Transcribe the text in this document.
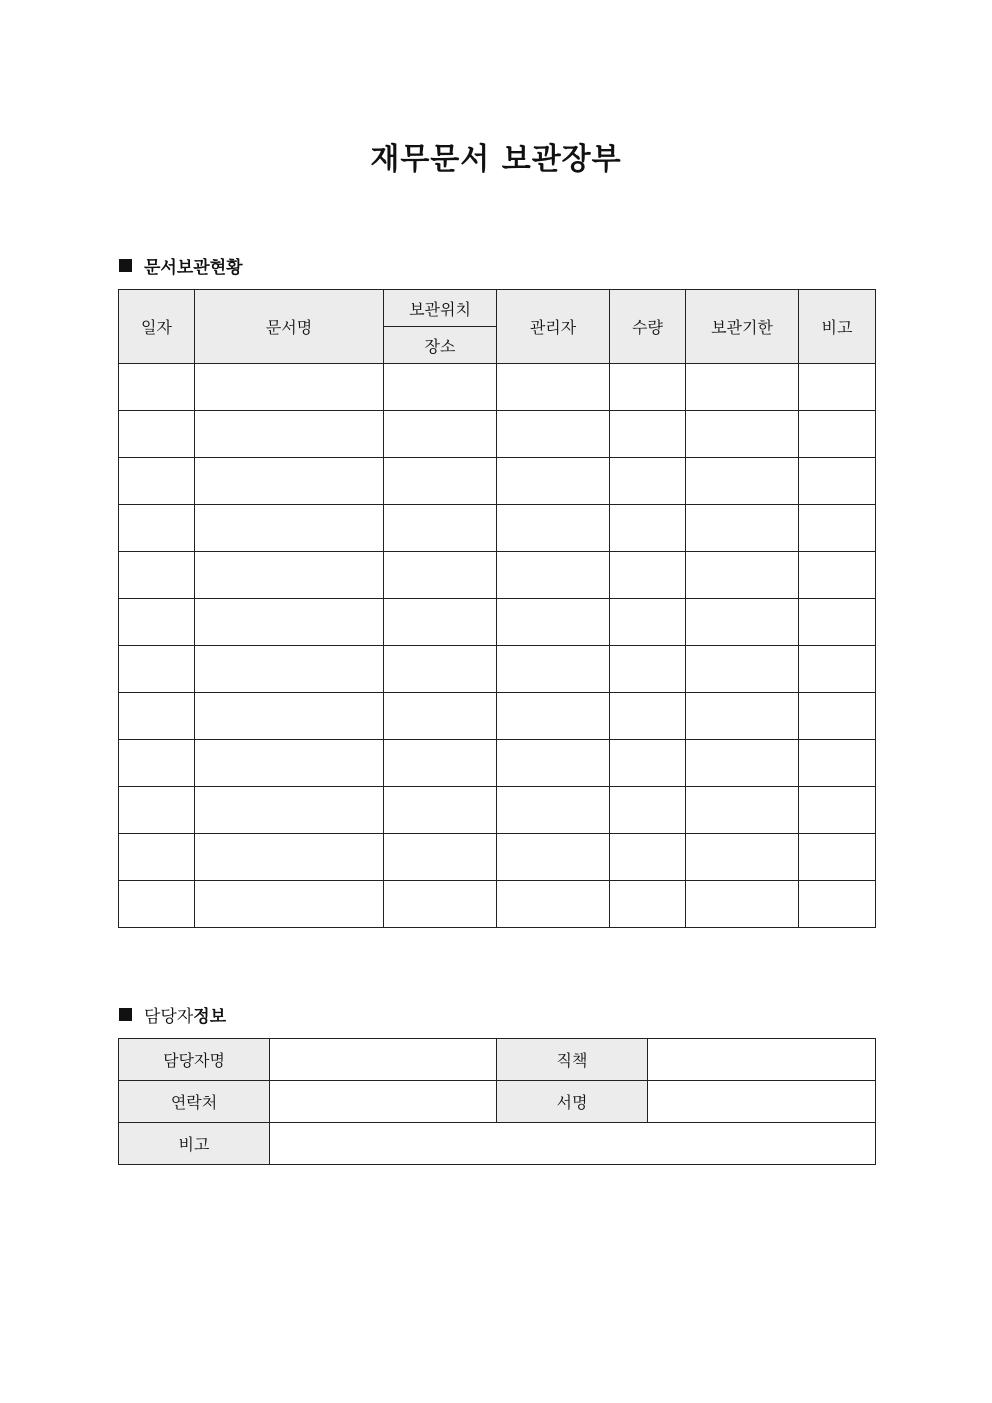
재무문서 보관장부
문서보관현황
일자	문서명	보관위치	관리자	수량	보관기한	비고
		장소				

담당자 정보
담당자명		직책	
연락처		서명	
비고			
